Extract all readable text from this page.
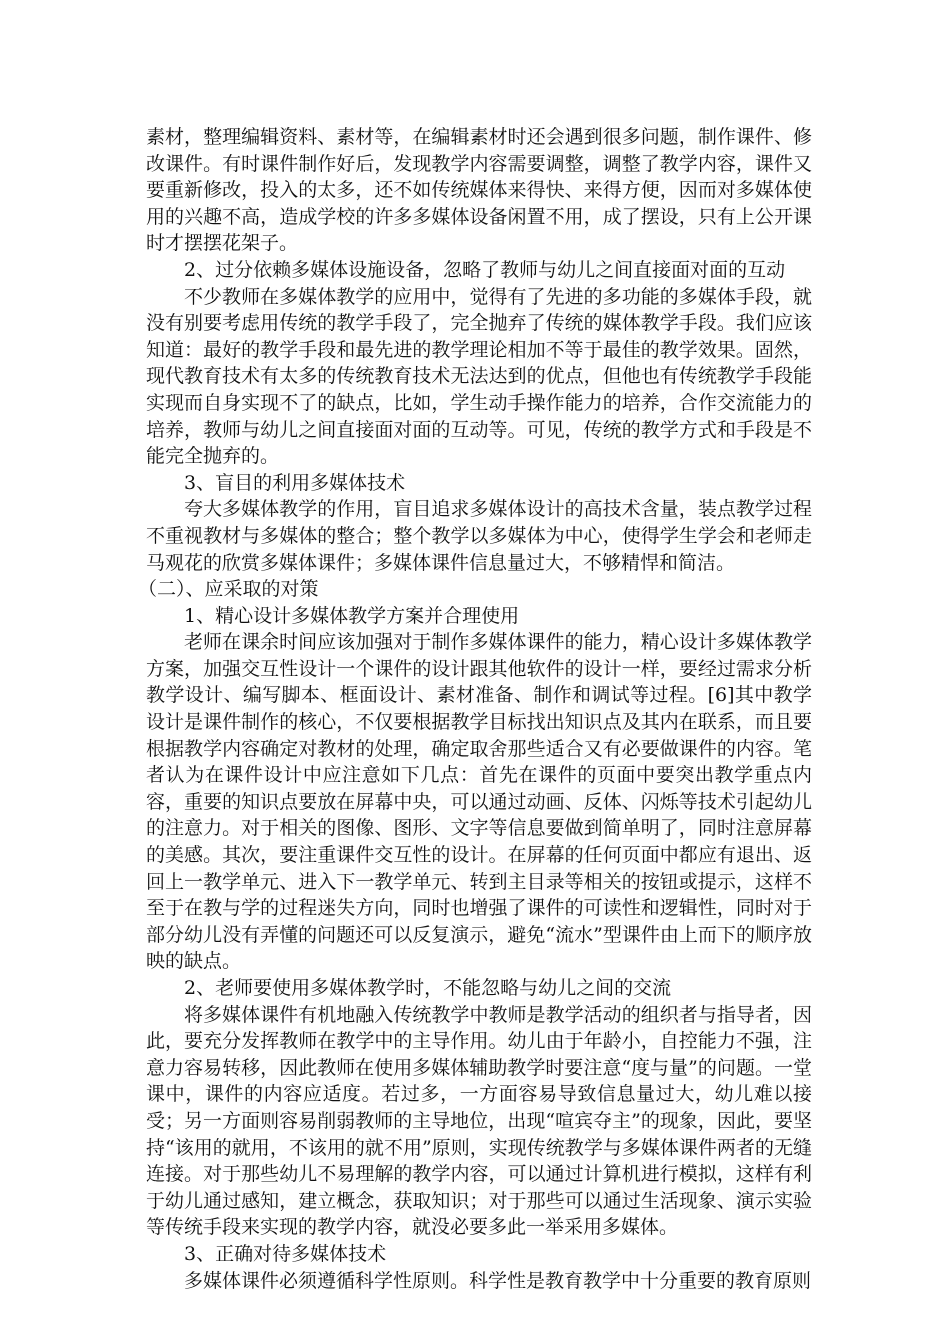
素材，整理编辑资料、素材等，在编辑素材时还会遇到很多问题，制作课件、修改课件。有时课件制作好后，发现教学内容需要调整，调整了教学内容，课件又要重新修改，投入的太多，还不如传统媒体来得快、来得方便，因而对多媒体使用的兴趣不高，造成学校的许多多媒体设备闲置不用，成了摆设，只有上公开课时才摆摆花架子。

2、过分依赖多媒体设施设备，忽略了教师与幼儿之间直接面对面的互动

不少教师在多媒体教学的应用中，觉得有了先进的多功能的多媒体手段，就没有别要考虑用传统的教学手段了，完全抛弃了传统的媒体教学手段。我们应该知道：最好的教学手段和最先进的教学理论相加不等于最佳的教学效果。固然，现代教育技术有太多的传统教育技术无法达到的优点，但他也有传统教学手段能实现而自身实现不了的缺点，比如，学生动手操作能力的培养，合作交流能力的培养，教师与幼儿之间直接面对面的互动等。可见，传统的教学方式和手段是不能完全抛弃的。

3、盲目的利用多媒体技术

夸大多媒体教学的作用，盲目追求多媒体设计的高技术含量，装点教学过程不重视教材与多媒体的整合；整个教学以多媒体为中心，使得学生学会和老师走马观花的欣赏多媒体课件；多媒体课件信息量过大，不够精悍和简洁。

（二）、应采取的对策

1、精心设计多媒体教学方案并合理使用

老师在课余时间应该加强对于制作多媒体课件的能力，精心设计多媒体教学方案，加强交互性设计一个课件的设计跟其他软件的设计一样，要经过需求分析教学设计、编写脚本、框面设计、素材准备、制作和调试等过程。[6]其中教学设计是课件制作的核心，不仅要根据教学目标找出知识点及其内在联系，而且要根据教学内容确定对教材的处理，确定取舍那些适合又有必要做课件的内容。笔者认为在课件设计中应注意如下几点：首先在课件的页面中要突出教学重点内容，重要的知识点要放在屏幕中央，可以通过动画、反体、闪烁等技术引起幼儿的注意力。对于相关的图像、图形、文字等信息要做到简单明了，同时注意屏幕的美感。其次，要注重课件交互性的设计。在屏幕的任何页面中都应有退出、返回上一教学单元、进入下一教学单元、转到主目录等相关的按钮或提示，这样不至于在教与学的过程迷失方向，同时也增强了课件的可读性和逻辑性，同时对于部分幼儿没有弄懂的问题还可以反复演示，避免“流水”型课件由上而下的顺序放映的缺点。

2、老师要使用多媒体教学时，不能忽略与幼儿之间的交流

将多媒体课件有机地融入传统教学中教师是教学活动的组织者与指导者，因此，要充分发挥教师在教学中的主导作用。幼儿由于年龄小，自控能力不强，注意力容易转移，因此教师在使用多媒体辅助教学时要注意“度与量”的问题。一堂课中，课件的内容应适度。若过多，一方面容易导致信息量过大，幼儿难以接受；另一方面则容易削弱教师的主导地位，出现“喧宾夺主”的现象，因此，要坚持“该用的就用，不该用的就不用”原则，实现传统教学与多媒体课件两者的无缝连接。对于那些幼儿不易理解的教学内容，可以通过计算机进行模拟，这样有利于幼儿通过感知，建立概念，获取知识；对于那些可以通过生活现象、演示实验等传统手段来实现的教学内容，就没必要多此一举采用多媒体。

3、正确对待多媒体技术

多媒体课件必须遵循科学性原则。科学性是教育教学中十分重要的教育原则
